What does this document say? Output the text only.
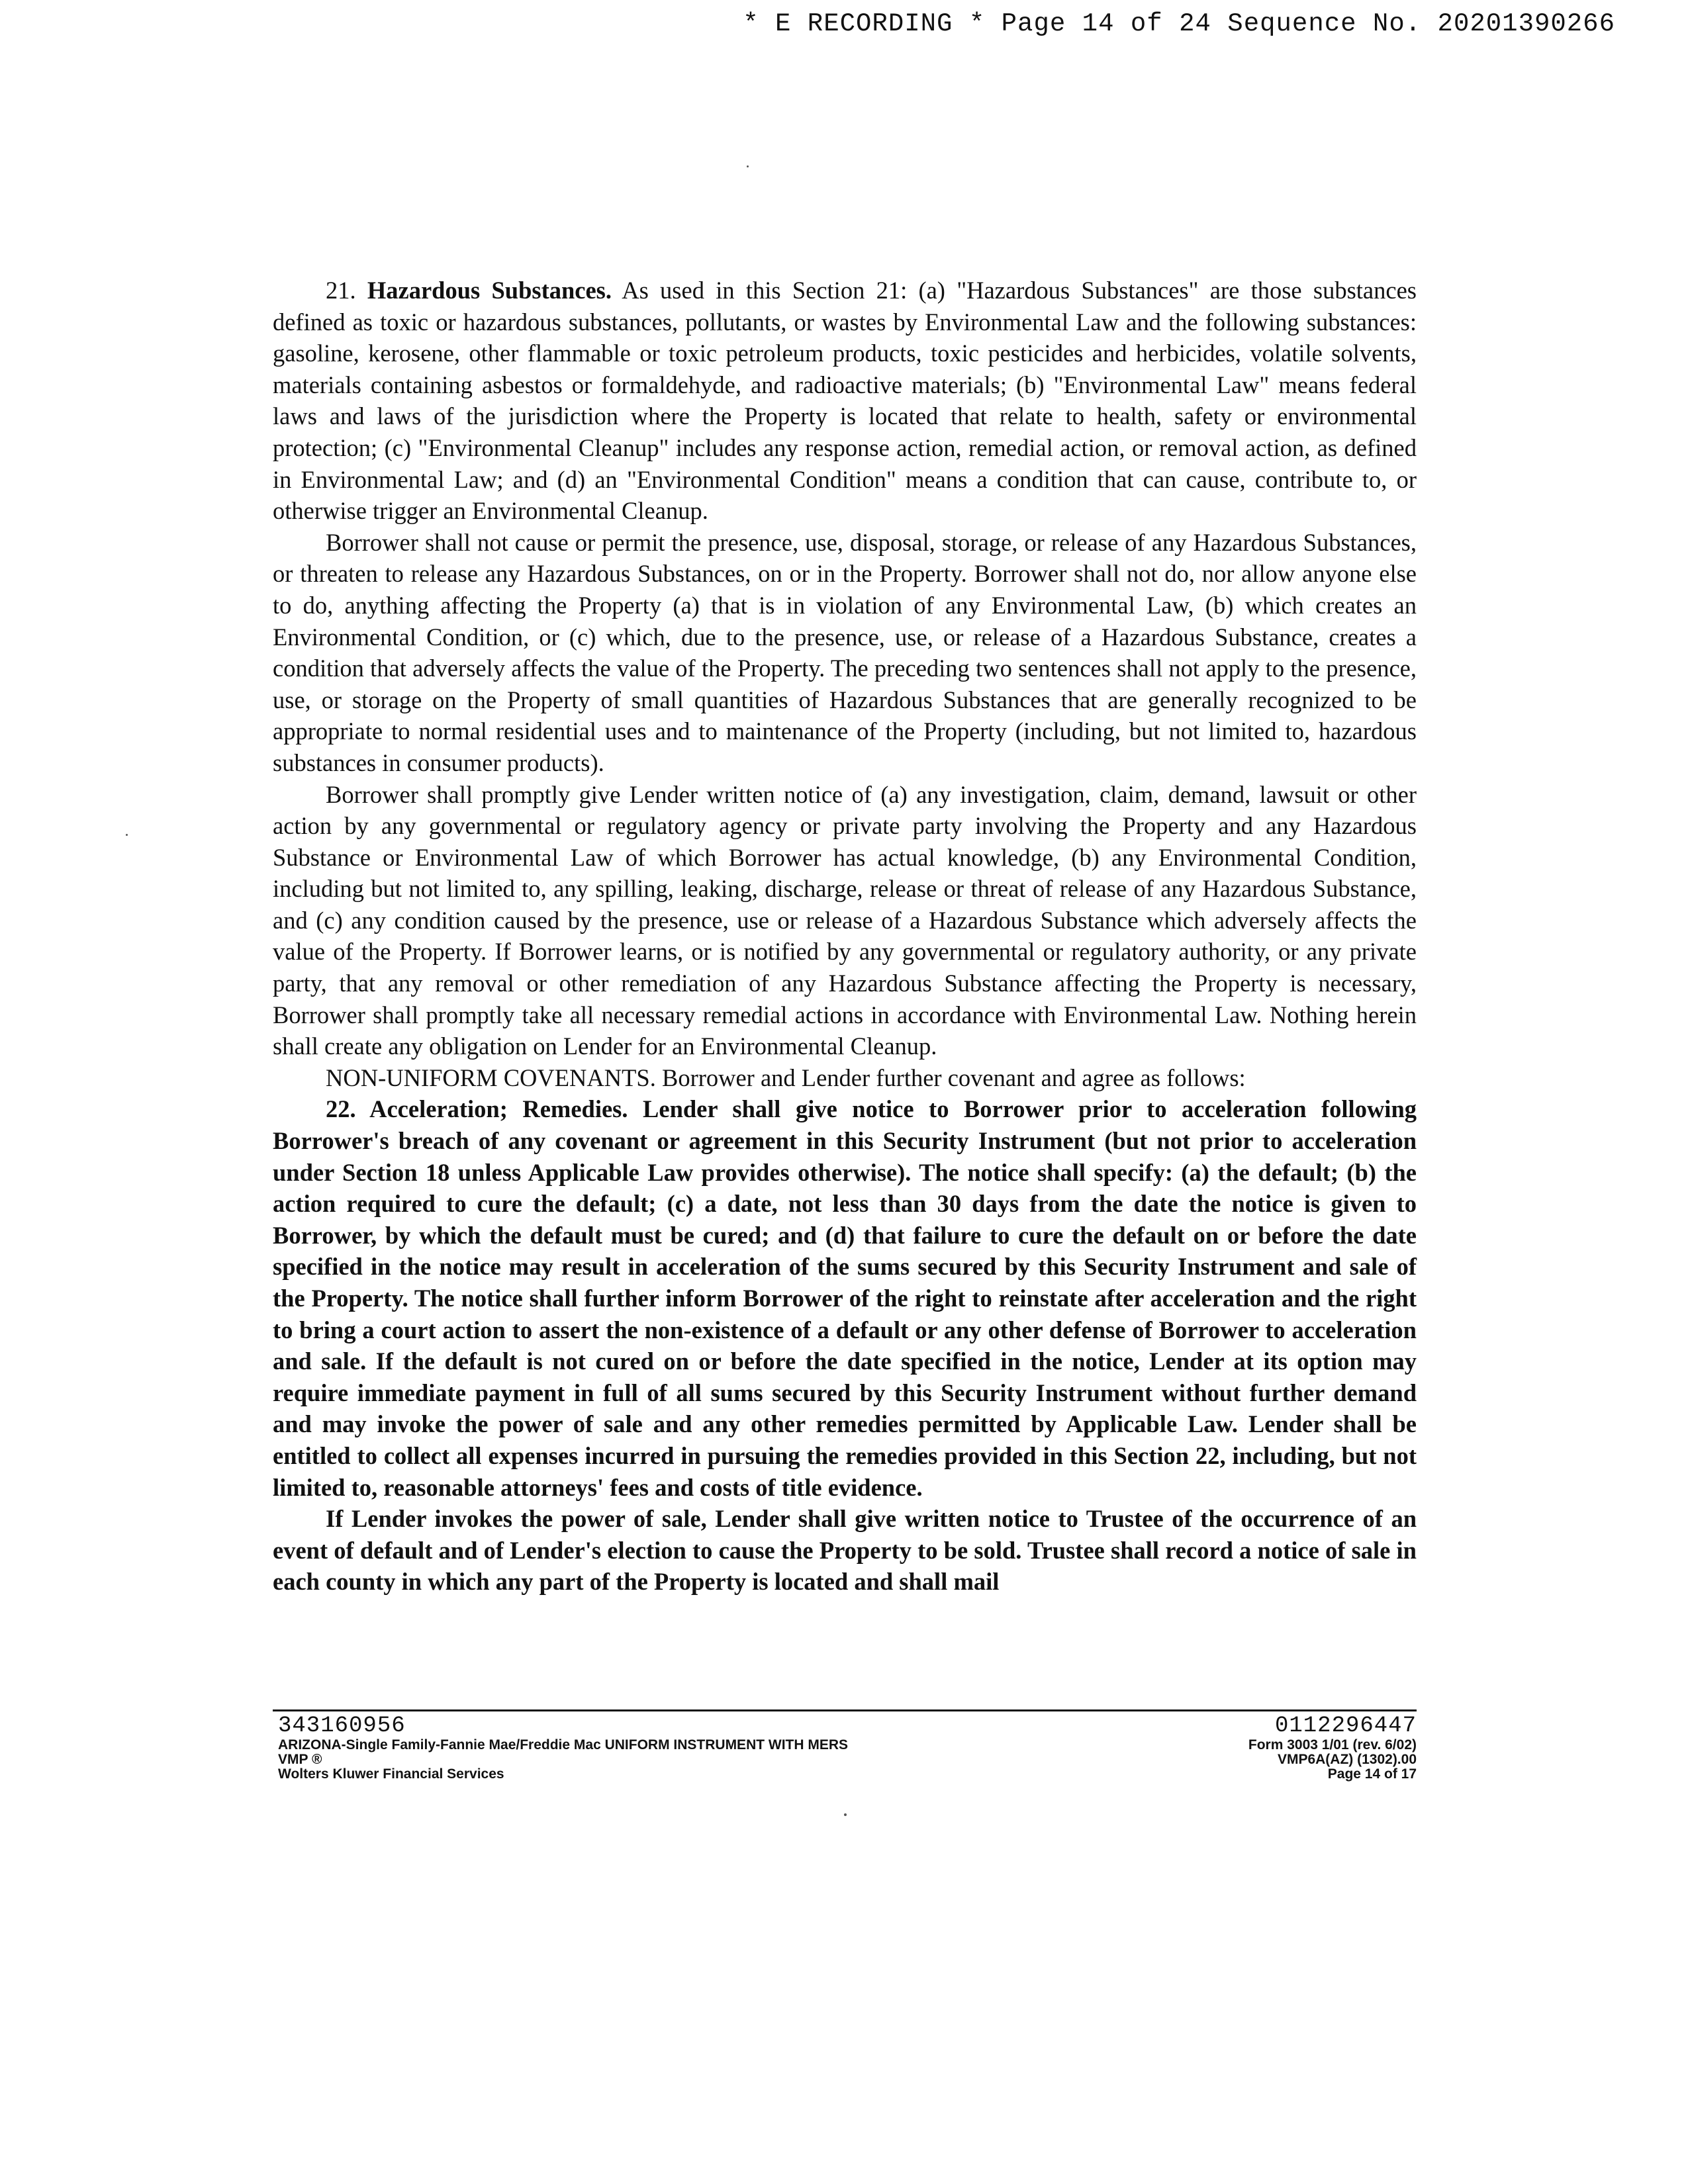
* E RECORDING * Page 14 of 24 Sequence No. 20201390266

21. Hazardous Substances. As used in this Section 21: (a) "Hazardous Substances" are those substances defined as toxic or hazardous substances, pollutants, or wastes by Environmental Law and the following substances: gasoline, kerosene, other flammable or toxic petroleum products, toxic pesticides and herbicides, volatile solvents, materials containing asbestos or formaldehyde, and radioactive materials; (b) "Environmental Law" means federal laws and laws of the jurisdiction where the Property is located that relate to health, safety or environmental protection; (c) "Environmental Cleanup" includes any response action, remedial action, or removal action, as defined in Environmental Law; and (d) an "Environmental Condition" means a condition that can cause, contribute to, or otherwise trigger an Environmental Cleanup.

Borrower shall not cause or permit the presence, use, disposal, storage, or release of any Hazardous Substances, or threaten to release any Hazardous Substances, on or in the Property. Borrower shall not do, nor allow anyone else to do, anything affecting the Property (a) that is in violation of any Environmental Law, (b) which creates an Environmental Condition, or (c) which, due to the presence, use, or release of a Hazardous Substance, creates a condition that adversely affects the value of the Property. The preceding two sentences shall not apply to the presence, use, or storage on the Property of small quantities of Hazardous Substances that are generally recognized to be appropriate to normal residential uses and to maintenance of the Property (including, but not limited to, hazardous substances in consumer products).

Borrower shall promptly give Lender written notice of (a) any investigation, claim, demand, lawsuit or other action by any governmental or regulatory agency or private party involving the Property and any Hazardous Substance or Environmental Law of which Borrower has actual knowledge, (b) any Environmental Condition, including but not limited to, any spilling, leaking, discharge, release or threat of release of any Hazardous Substance, and (c) any condition caused by the presence, use or release of a Hazardous Substance which adversely affects the value of the Property. If Borrower learns, or is notified by any governmental or regulatory authority, or any private party, that any removal or other remediation of any Hazardous Substance affecting the Property is necessary, Borrower shall promptly take all necessary remedial actions in accordance with Environmental Law. Nothing herein shall create any obligation on Lender for an Environmental Cleanup.

NON-UNIFORM COVENANTS. Borrower and Lender further covenant and agree as follows:

22. Acceleration; Remedies. Lender shall give notice to Borrower prior to acceleration following Borrower's breach of any covenant or agreement in this Security Instrument (but not prior to acceleration under Section 18 unless Applicable Law provides otherwise). The notice shall specify: (a) the default; (b) the action required to cure the default; (c) a date, not less than 30 days from the date the notice is given to Borrower, by which the default must be cured; and (d) that failure to cure the default on or before the date specified in the notice may result in acceleration of the sums secured by this Security Instrument and sale of the Property. The notice shall further inform Borrower of the right to reinstate after acceleration and the right to bring a court action to assert the non-existence of a default or any other defense of Borrower to acceleration and sale. If the default is not cured on or before the date specified in the notice, Lender at its option may require immediate payment in full of all sums secured by this Security Instrument without further demand and may invoke the power of sale and any other remedies permitted by Applicable Law. Lender shall be entitled to collect all expenses incurred in pursuing the remedies provided in this Section 22, including, but not limited to, reasonable attorneys' fees and costs of title evidence.

If Lender invokes the power of sale, Lender shall give written notice to Trustee of the occurrence of an event of default and of Lender's election to cause the Property to be sold. Trustee shall record a notice of sale in each county in which any part of the Property is located and shall mail

343160956
ARIZONA-Single Family-Fannie Mae/Freddie Mac UNIFORM INSTRUMENT WITH MERS
VMP ®
Wolters Kluwer Financial Services
0112296447
Form 3003 1/01 (rev. 6/02)
VMP6A(AZ) (1302).00
Page 14 of 17
